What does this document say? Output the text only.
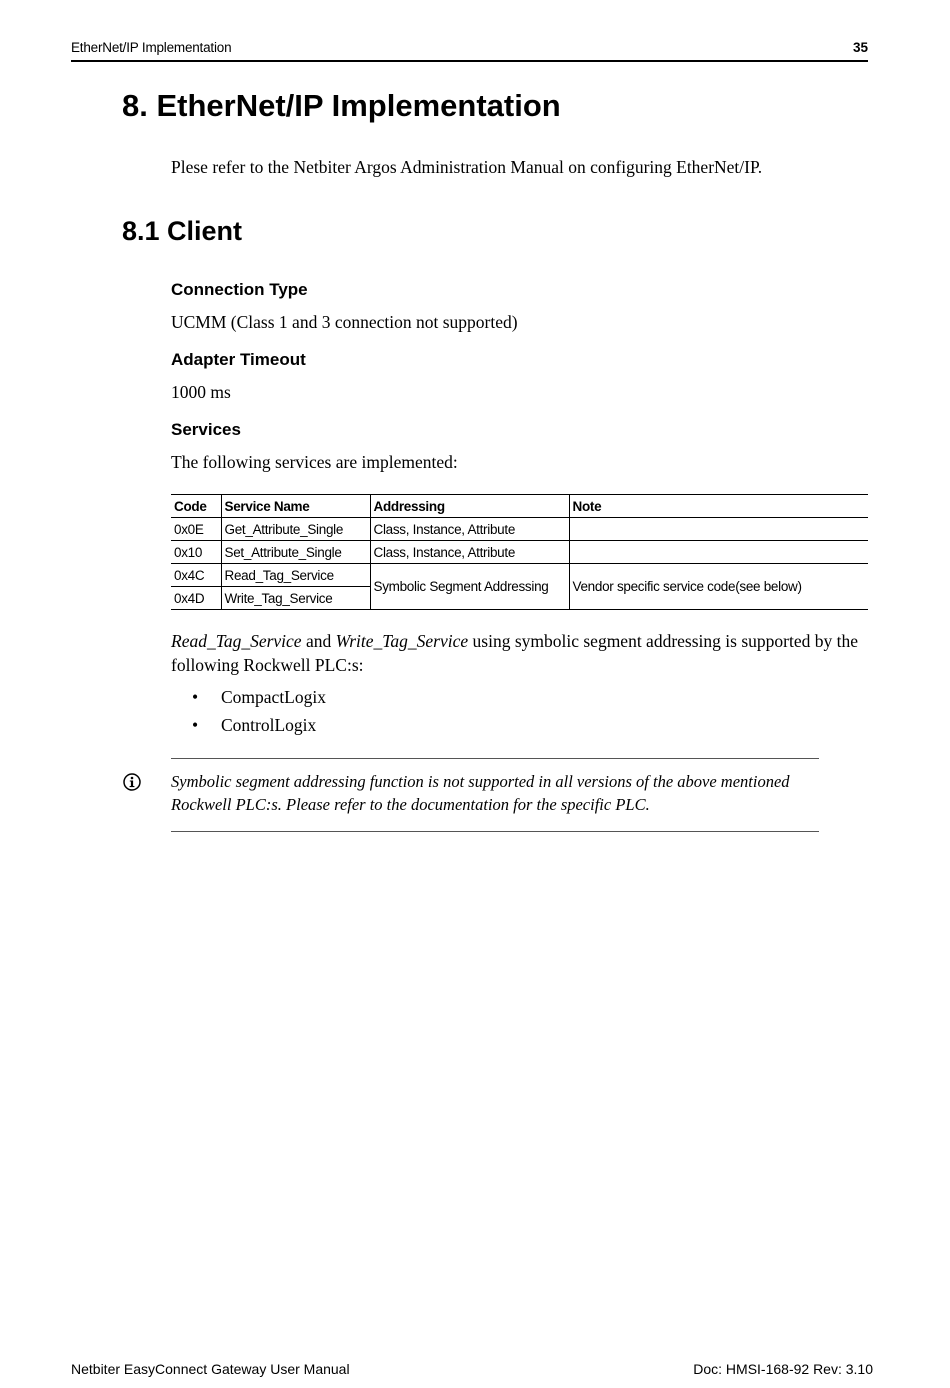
EtherNet/IP Implementation	35
8. EtherNet/IP Implementation

Plese refer to the Netbiter Argos Administration Manual on configuring EtherNet/IP.

8.1 Client
Connection Type

UCMM (Class 1 and 3 connection not supported)

Adapter Timeout

1000 ms

Services

The following services are implemented:

Code	Service Name	Addressing	Note
0x0E	Get_Attribute_Single	Class, Instance, Attribute	
0x10	Set_Attribute_Single	Class, Instance, Attribute	
0x4C	Read_Tag_Service	Symbolic Segment Addressing	Vendor specific service code(see below)
0x4D	Write_Tag_Service		

Read_Tag_Service and Write_Tag_Service using symbolic segment addressing is supported by the following Rockwell PLC:s:

• CompactLogix
• ControlLogix

Symbolic segment addressing function is not supported in all versions of the above mentioned Rockwell PLC:s. Please refer to the documentation for the specific PLC.

Netbiter EasyConnect Gateway User Manual	Doc: HMSI-168-92 Rev: 3.10
